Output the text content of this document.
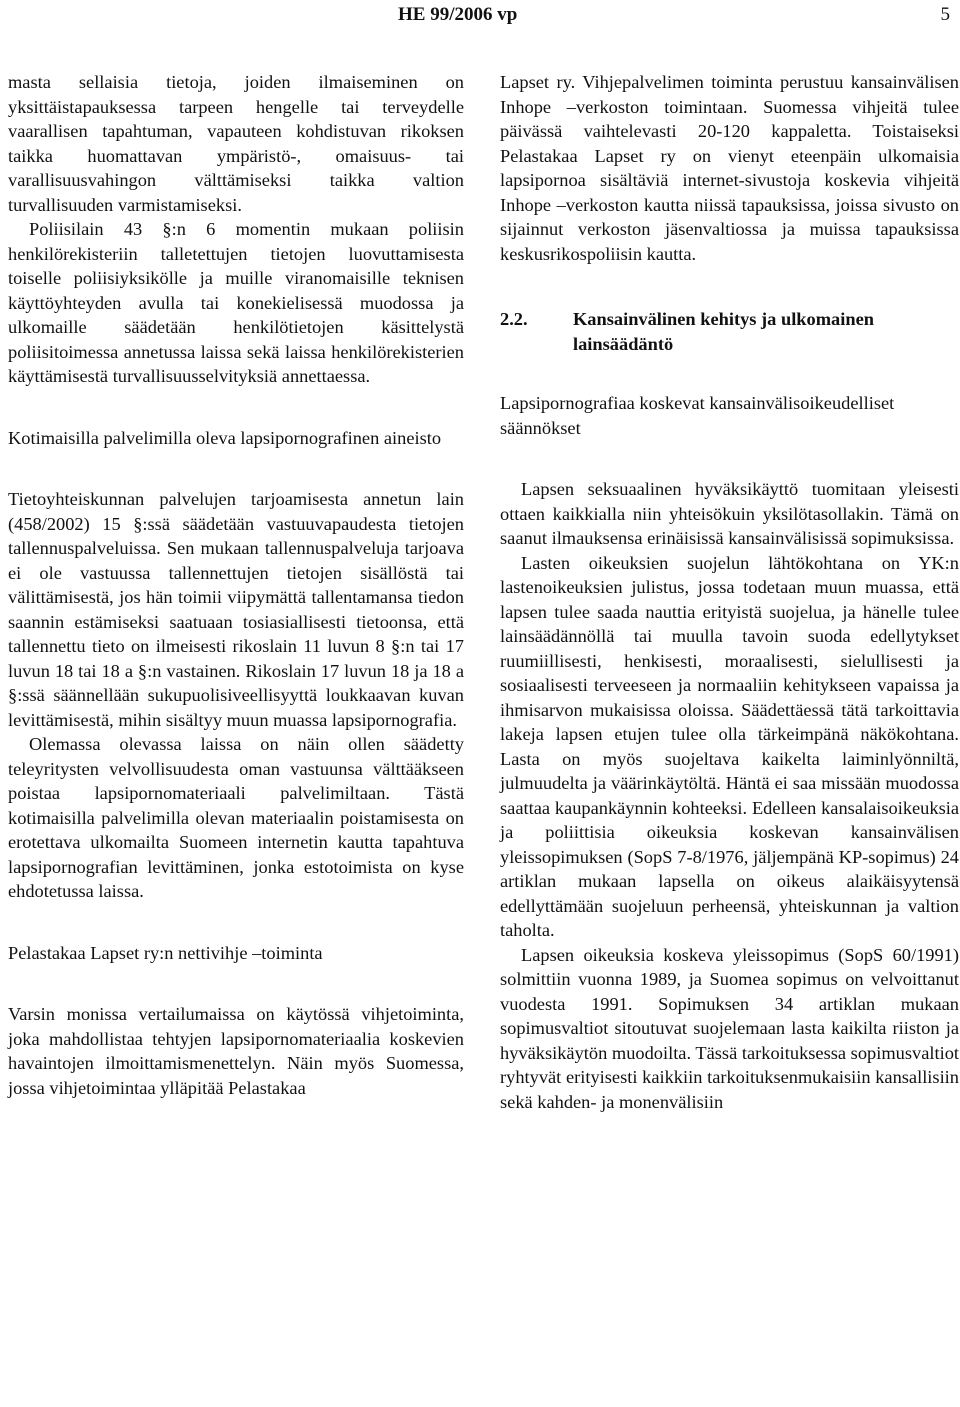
HE 99/2006 vp	5

masta sellaisia tietoja, joiden ilmaiseminen on yksittäistapauksessa tarpeen hengelle tai terveydelle vaarallisen tapahtuman, vapauteen kohdistuvan rikoksen taikka huomattavan ympäristö-, omaisuus- tai varallisuusvahingon välttämiseksi taikka valtion turvallisuuden varmistamiseksi.

Poliisilain 43 §:n 6 momentin mukaan poliisin henkilörekisteriin talletettujen tietojen luovuttamisesta toiselle poliisiyksikölle ja muille viranomaisille teknisen käyttöyhteyden avulla tai konekielisessä muodossa ja ulkomaille säädetään henkilötietojen käsittelystä poliisitoimessa annetussa laissa sekä laissa henkilörekisterien käyttämisestä turvallisuusselvityksiä annettaessa.

Kotimaisilla palvelimilla oleva lapsipornografinen aineisto

Tietoyhteiskunnan palvelujen tarjoamisesta annetun lain (458/2002) 15 §:ssä säädetään vastuuvapaudesta tietojen tallennuspalveluissa. Sen mukaan tallennuspalveluja tarjoava ei ole vastuussa tallennettujen tietojen sisällöstä tai välittämisestä, jos hän toimii viipymättä tallentamansa tiedon saannin estämiseksi saatuaan tosiasiallisesti tietoonsa, että tallennettu tieto on ilmeisesti rikoslain 11 luvun 8 §:n tai 17 luvun 18 tai 18 a §:n vastainen. Rikoslain 17 luvun 18 ja 18 a §:ssä säännellään sukupuolisiveellisyyttä loukkaavan kuvan levittämisestä, mihin sisältyy muun muassa lapsipornografia.

Olemassa olevassa laissa on näin ollen säädetty teleyritysten velvollisuudesta oman vastuunsa välttääkseen poistaa lapsipornomateriaali palvelimiltaan. Tästä kotimaisilla palvelimilla olevan materiaalin poistamisesta on erotettava ulkomailta Suomeen internetin kautta tapahtuva lapsipornografian levittäminen, jonka estotoimista on kyse ehdotetussa laissa.

Pelastakaa Lapset ry:n nettivihje –toiminta

Varsin monissa vertailumaissa on käytössä vihjetoiminta, joka mahdollistaa tehtyjen lapsipornomateriaalia koskevien havaintojen ilmoittamismenettelyn. Näin myös Suomessa, jossa vihjetoimintaa ylläpitää Pelastakaa

Lapset ry. Vihjepalvelimen toiminta perustuu kansainvälisen Inhope –verkoston toimintaan. Suomessa vihjeitä tulee päivässä vaihtelevasti 20-120 kappaletta. Toistaiseksi Pelastakaa Lapset ry on vienyt eteenpäin ulkomaisia lapsipornoa sisältäviä internet-sivustoja koskevia vihjeitä Inhope –verkoston kautta niissä tapauksissa, joissa sivusto on sijainnut verkoston jäsenvaltiossa ja muissa tapauksissa keskusrikospoliisin kautta.

2.2.	Kansainvälinen kehitys ja ulkomainen lainsäädäntö
Lapsipornografiaa koskevat kansainvälisoikeudelliset säännökset

Lapsen seksuaalinen hyväksikäyttö tuomitaan yleisesti ottaen kaikkialla niin yhteisökuin yksilötasollakin. Tämä on saanut ilmauksensa erinäisissä kansainvälisissä sopimuksissa.

Lasten oikeuksien suojelun lähtökohtana on YK:n lastenoikeuksien julistus, jossa todetaan muun muassa, että lapsen tulee saada nauttia erityistä suojelua, ja hänelle tulee lainsäädännöllä tai muulla tavoin suoda edellytykset ruumiillisesti, henkisesti, moraalisesti, sielullisesti ja sosiaalisesti terveeseen ja normaaliin kehitykseen vapaissa ja ihmisarvon mukaisissa oloissa. Säädettäessä tätä tarkoittavia lakeja lapsen etujen tulee olla tärkeimpänä näkökohtana. Lasta on myös suojeltava kaikelta laiminlyönniltä, julmuudelta ja väärinkäytöltä. Häntä ei saa missään muodossa saattaa kaupankäynnin kohteeksi. Edelleen kansalaisoikeuksia ja poliittisia oikeuksia koskevan kansainvälisen yleissopimuksen (SopS 7-8/1976, jäljempänä KP-sopimus) 24 artiklan mukaan lapsella on oikeus alaikäisyytensä edellyttämään suojeluun perheensä, yhteiskunnan ja valtion taholta.

Lapsen oikeuksia koskeva yleissopimus (SopS 60/1991) solmittiin vuonna 1989, ja Suomea sopimus on velvoittanut vuodesta 1991. Sopimuksen 34 artiklan mukaan sopimusvaltiot sitoutuvat suojelemaan lasta kaikilta riiston ja hyväksikäytön muodoilta. Tässä tarkoituksessa sopimusvaltiot ryhtyvät erityisesti kaikkiin tarkoituksenmukaisiin kansallisiin sekä kahden- ja monenvälisiin
